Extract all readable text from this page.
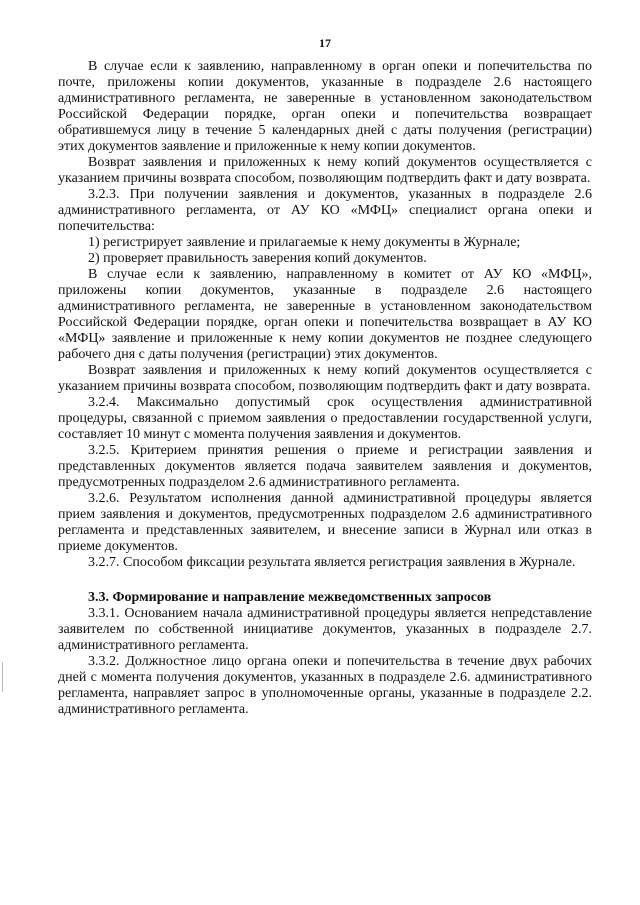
17

В случае если к заявлению, направленному в орган опеки и попечительства по почте, приложены копии документов, указанные в подразделе 2.6 настоящего административного регламента, не заверенные в установленном законодательством Российской Федерации порядке, орган опеки и попечительства возвращает обратившемуся лицу в течение 5 календарных дней с даты получения (регистрации) этих документов заявление и приложенные к нему копии документов.

Возврат заявления и приложенных к нему копий документов осуществляется с указанием причины возврата способом, позволяющим подтвердить факт и дату возврата.

3.2.3. При получении заявления и документов, указанных в подразделе 2.6 административного регламента, от АУ КО «МФЦ» специалист органа опеки и попечительства:

1) регистрирует заявление и прилагаемые к нему документы в Журнале;

2) проверяет правильность заверения копий документов.

В случае если к заявлению, направленному в комитет от АУ КО «МФЦ», приложены копии документов, указанные в подразделе 2.6 настоящего административного регламента, не заверенные в установленном законодательством Российской Федерации порядке, орган опеки и попечительства возвращает в АУ КО «МФЦ» заявление и приложенные к нему копии документов не позднее следующего рабочего дня с даты получения (регистрации) этих документов.

Возврат заявления и приложенных к нему копий документов осуществляется с указанием причины возврата способом, позволяющим подтвердить факт и дату возврата.

3.2.4. Максимально допустимый срок осуществления административной процедуры, связанной с приемом заявления о предоставлении государственной услуги, составляет 10 минут с момента получения заявления и документов.

3.2.5. Критерием принятия решения о приеме и регистрации заявления и представленных документов является подача заявителем заявления и документов, предусмотренных подразделом 2.6 административного регламента.

3.2.6. Результатом исполнения данной административной процедуры является прием заявления и документов, предусмотренных подразделом 2.6 административного регламента и представленных заявителем, и внесение записи в Журнал или отказ в приеме документов.

3.2.7. Способом фиксации результата является регистрация заявления в Журнале.

3.3. Формирование и направление межведомственных запросов

3.3.1. Основанием начала административной процедуры является непредставление заявителем по собственной инициативе документов, указанных в подразделе 2.7. административного регламента.

3.3.2. Должностное лицо органа опеки и попечительства в течение двух рабочих дней с момента получения документов, указанных в подразделе 2.6. административного регламента, направляет запрос в уполномоченные органы, указанные в подразделе 2.2. административного регламента.
